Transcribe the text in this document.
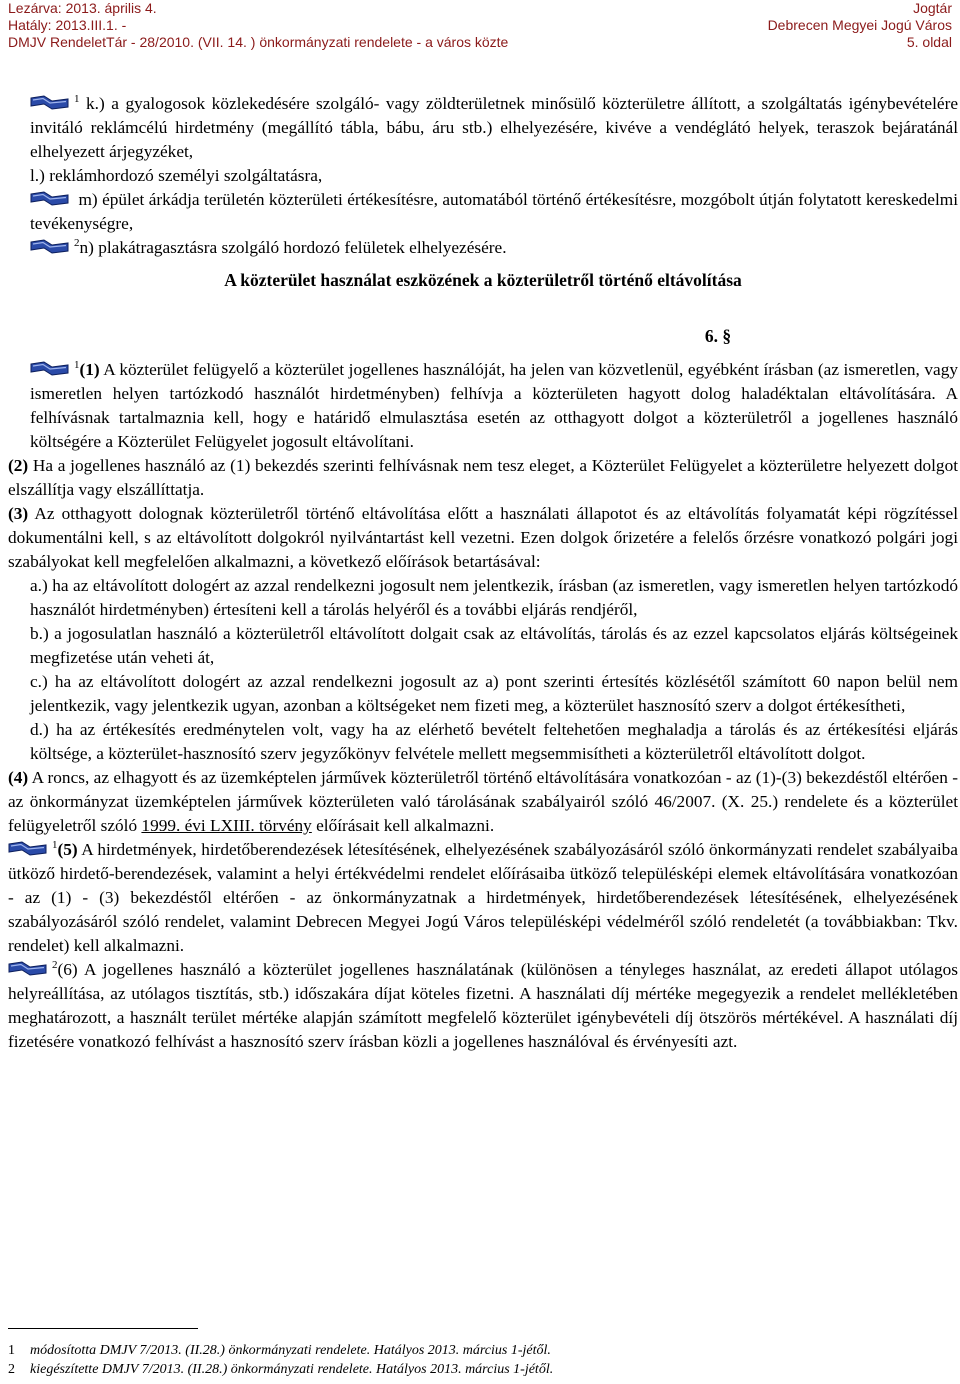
Lezárva: 2013. április 4.
Hatály: 2013.III.1. -
DMJV RendeletTár - 28/2010. (VII. 14. ) önkormányzati rendelete - a város közte
Jogtár
Debrecen Megyei Jogú Város
5. oldal

$^1$ k.) a gyalogosok közlekedésére szolgáló- vagy zöldterületnek minősülő közterületre állított, a szolgáltatás igénybevételére invitáló reklámcélú hirdetmény (megállító tábla, bábu, áru stb.) elhelyezésére, kivéve a vendéglátó helyek, teraszok bejáratánál elhelyezett árjegyzéket,

l.) reklámhordozó személyi szolgáltatásra,

m) épület árkádja területén közterületi értékesítésre, automatából történő értékesítésre, mozgóbolt útján folytatott kereskedelmi tevékenységre,

$^2$n) plakátragasztásra szolgáló hordozó felületek elhelyezésére.

A közterület használat eszközének a közterületről történő eltávolítása

6. §

$^1$(1) A közterület felügyelő a közterület jogellenes használóját, ha jelen van közvetlenül, egyébként írásban (az ismeretlen, vagy ismeretlen helyen tartózkodó használót hirdetményben) felhívja a közterületen hagyott dolog haladéktalan eltávolítására. A felhívásnak tartalmaznia kell, hogy e határidő elmulasztása esetén az otthagyott dolgot a közterületről a jogellenes használó költségére a Közterület Felügyelet jogosult eltávolítani.

(2) Ha a jogellenes használó az (1) bekezdés szerinti felhívásnak nem tesz eleget, a Közterület Felügyelet a közterületre helyezett dolgot elszállítja vagy elszállíttatja.

(3) Az otthagyott dolognak közterületről történő eltávolítása előtt a használati állapotot és az eltávolítás folyamatát képi rögzítéssel dokumentálni kell, s az eltávolított dolgokról nyilvántartást kell vezetni. Ezen dolgok őrizetére a felelős őrzésre vonatkozó polgári jogi szabályokat kell megfelelően alkalmazni, a következő előírások betartásával:

a.) ha az eltávolított dologért az azzal rendelkezni jogosult nem jelentkezik, írásban (az ismeretlen, vagy ismeretlen helyen tartózkodó használót hirdetményben) értesíteni kell a tárolás helyéről és a további eljárás rendjéről,

b.) a jogosulatlan használó a közterületről eltávolított dolgait csak az eltávolítás, tárolás és az ezzel kapcsolatos eljárás költségeinek megfizetése után veheti át,

c.) ha az eltávolított dologért az azzal rendelkezni jogosult az a) pont szerinti értesítés közlésétől számított 60 napon belül nem jelentkezik, vagy jelentkezik ugyan, azonban a költségeket nem fizeti meg, a közterület hasznosító szerv a dolgot értékesítheti,

d.) ha az értékesítés eredménytelen volt, vagy ha az elérhető bevételt feltehetően meghaladja a tárolás és az értékesítési eljárás költsége, a közterület-hasznosító szerv jegyzőkönyv felvétele mellett megsemmisítheti a közterületről eltávolított dolgot.

(4) A roncs, az elhagyott és az üzemképtelen járművek közterületről történő eltávolítására vonatkozóan - az (1)-(3) bekezdéstől eltérően - az önkormányzat üzemképtelen járművek közterületen való tárolásának szabályairól szóló 46/2007. (X. 25.) rendelete és a közterület felügyeletről szóló 1999. évi LXIII. törvény előírásait kell alkalmazni.

$^1$(5) A hirdetmények, hirdetőberendezések létesítésének, elhelyezésének szabályozásáról szóló önkormányzati rendelet szabályaiba ütköző hirdető-berendezések, valamint a helyi értékvédelmi rendelet előírásaiba ütköző településképi elemek eltávolítására vonatkozóan - az (1) - (3) bekezdéstől eltérően - az önkormányzatnak a hirdetmények, hirdetőberendezések létesítésének, elhelyezésének szabályozásáról szóló rendelet, valamint Debrecen Megyei Jogú Város településképi védelméről szóló rendeletét (a továbbiakban: Tkv. rendelet) kell alkalmazni.

$^2$(6) A jogellenes használó a közterület jogellenes használatának (különösen a tényleges használat, az eredeti állapot utólagos helyreállítása, az utólagos tisztítás, stb.) időszakára díjat köteles fizetni. A használati díj mértéke megegyezik a rendelet mellékletében meghatározott, a használt terület mértéke alapján számított megfelelő közterület igénybevételi díj ötszörös mértékével. A használati díj fizetésére vonatkozó felhívást a hasznosító szerv írásban közli a jogellenes használóval és érvényesíti azt.

1 módosította DMJV 7/2013. (II.28.) önkormányzati rendelete. Hatályos 2013. március 1-jétől.
2 kiegészítette DMJV 7/2013. (II.28.) önkormányzati rendelete. Hatályos 2013. március 1-jétől.
